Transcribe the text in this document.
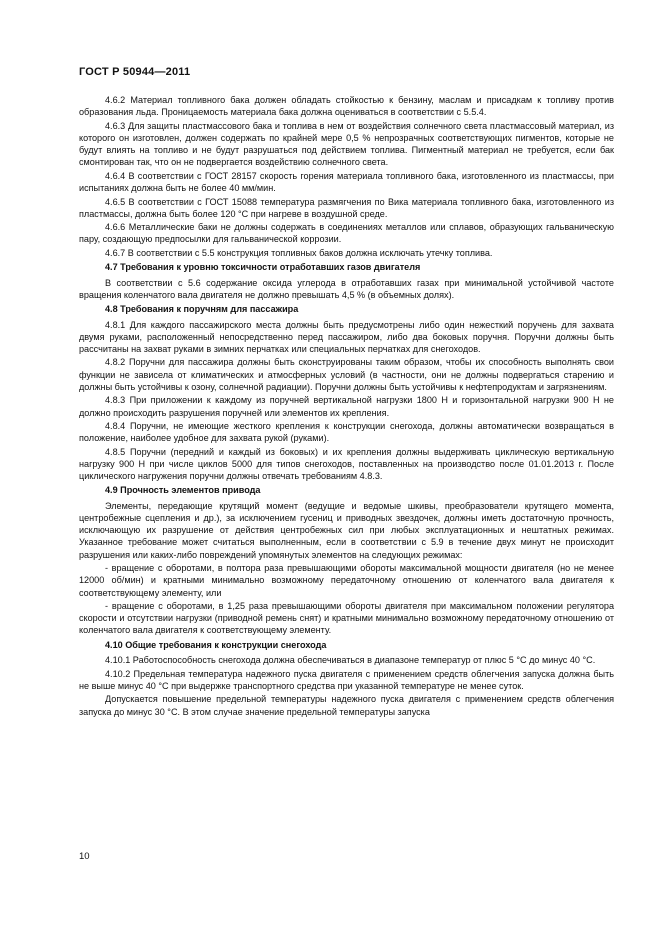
ГОСТ Р 50944—2011

4.6.2 Материал топливного бака должен обладать стойкостью к бензину, маслам и присадкам к топливу против образования льда. Проницаемость материала бака должна оцениваться в соответствии с 5.5.4.

4.6.3 Для защиты пластмассового бака и топлива в нем от воздействия солнечного света пластмассовый материал, из которого он изготовлен, должен содержать по крайней мере 0,5 % непрозрачных соответствующих пигментов, которые не будут влиять на топливо и не будут разрушаться под действием топлива. Пигментный материал не требуется, если бак смонтирован так, что он не подвергается воздействию солнечного света.

4.6.4 В соответствии с ГОСТ 28157 скорость горения материала топливного бака, изготовленного из пластмассы, при испытаниях должна быть не более 40 мм/мин.

4.6.5 В соответствии с ГОСТ 15088 температура размягчения по Вика материала топливного бака, изготовленного из пластмассы, должна быть более 120 °С при нагреве в воздушной среде.

4.6.6 Металлические баки не должны содержать в соединениях металлов или сплавов, образующих гальваническую пару, создающую предпосылки для гальванической коррозии.

4.6.7 В соответствии с 5.5 конструкция топливных баков должна исключать утечку топлива.

4.7 Требования к уровню токсичности отработавших газов двигателя

В соответствии с 5.6 содержание оксида углерода в отработавших газах при минимальной устойчивой частоте вращения коленчатого вала двигателя не должно превышать 4,5 % (в объемных долях).

4.8 Требования к поручням для пассажира

4.8.1 Для каждого пассажирского места должны быть предусмотрены либо один нежесткий поручень для захвата двумя руками, расположенный непосредственно перед пассажиром, либо два боковых поручня. Поручни должны быть рассчитаны на захват руками в зимних перчатках или специальных перчатках для снегоходов.

4.8.2 Поручни для пассажира должны быть сконструированы таким образом, чтобы их способность выполнять свои функции не зависела от климатических и атмосферных условий (в частности, они не должны подвергаться старению и должны быть устойчивы к озону, солнечной радиации). Поручни должны быть устойчивы к нефтепродуктам и загрязнениям.

4.8.3 При приложении к каждому из поручней вертикальной нагрузки 1800 Н и горизонтальной нагрузки 900 Н не должно происходить разрушения поручней или элементов их крепления.

4.8.4 Поручни, не имеющие жесткого крепления к конструкции снегохода, должны автоматически возвращаться в положение, наиболее удобное для захвата рукой (руками).

4.8.5 Поручни (передний и каждый из боковых) и их крепления должны выдерживать циклическую вертикальную нагрузку 900 Н при числе циклов 5000 для типов снегоходов, поставленных на производство после 01.01.2013 г. После циклического нагружения поручни должны отвечать требованиям 4.8.3.

4.9 Прочность элементов привода

Элементы, передающие крутящий момент (ведущие и ведомые шкивы, преобразователи крутящего момента, центробежные сцепления и др.), за исключением гусениц и приводных звездочек, должны иметь достаточную прочность, исключающую их разрушение от действия центробежных сил при любых эксплуатационных и нештатных режимах. Указанное требование может считаться выполненным, если в соответствии с 5.9 в течение двух минут не происходит разрушения или каких-либо повреждений упомянутых элементов на следующих режимах:

- вращение с оборотами, в полтора раза превышающими обороты максимальной мощности двигателя (но не менее 12000 об/мин) и кратными минимально возможному передаточному отношению от коленчатого вала двигателя к соответствующему элементу, или

- вращение с оборотами, в 1,25 раза превышающими обороты двигателя при максимальном положении регулятора скорости и отсутствии нагрузки (приводной ремень снят) и кратными минимально возможному передаточному отношению от коленчатого вала двигателя к соответствующему элементу.

4.10 Общие требования к конструкции снегохода

4.10.1 Работоспособность снегохода должна обеспечиваться в диапазоне температур от плюс 5 °С до минус 40 °С.

4.10.2 Предельная температура надежного пуска двигателя с применением средств облегчения запуска должна быть не выше минус 40 °С при выдержке транспортного средства при указанной температуре не менее суток.

Допускается повышение предельной температуры надежного пуска двигателя с применением средств облегчения запуска до минус 30 °С. В этом случае значение предельной температуры запуска

10
